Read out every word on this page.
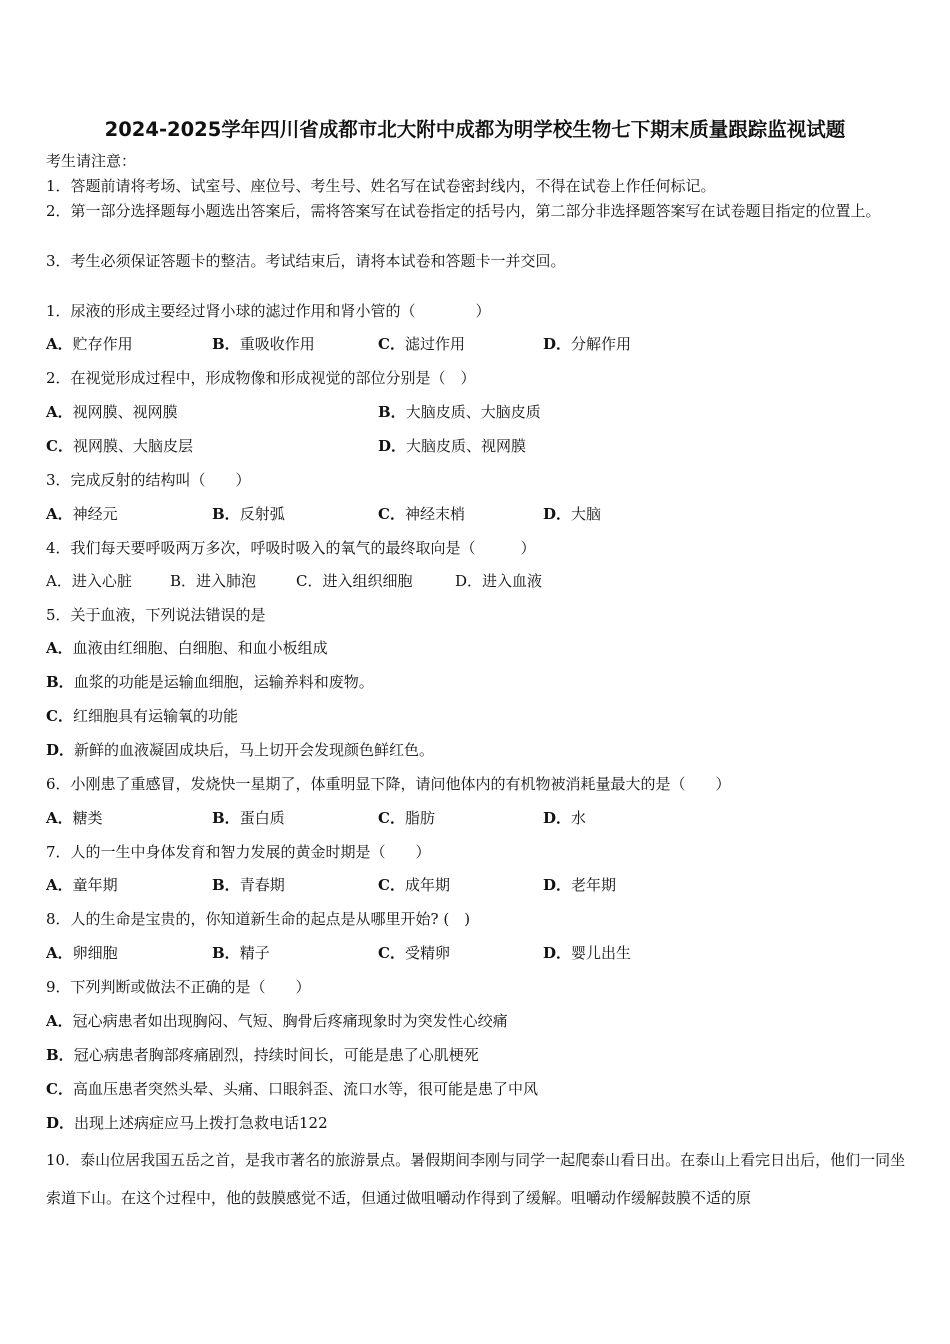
2024-2025学年四川省成都市北大附中成都为明学校生物七下期末质量跟踪监视试题
考生请注意：
1．答题前请将考场、试室号、座位号、考生号、姓名写在试卷密封线内，不得在试卷上作任何标记。
2．第一部分选择题每小题选出答案后，需将答案写在试卷指定的括号内，第二部分非选择题答案写在试卷题目指定的位置上。
3．考生必须保证答题卡的整洁。考试结束后，请将本试卷和答题卡一并交回。
1．尿液的形成主要经过肾小球的滤过作用和肾小管的（　　　　）
A．贮存作用	B．重吸收作用	C．滤过作用	D．分解作用
2．在视觉形成过程中，形成物像和形成视觉的部位分别是（　）
A．视网膜、视网膜	B．大脑皮质、大脑皮质
C．视网膜、大脑皮层	D．大脑皮质、视网膜
3．完成反射的结构叫（　　）
A．神经元	B．反射弧	C．神经末梢	D．大脑
4．我们每天要呼吸两万多次，呼吸时吸入的氧气的最终取向是（　　　）
A．进入心脏	B．进入肺泡	C．进入组织细胞	D．进入血液
5．关于血液，下列说法错误的是
A．血液由红细胞、白细胞、和血小板组成
B．血浆的功能是运输血细胞，运输养料和废物。
C．红细胞具有运输氧的功能
D．新鲜的血液凝固成块后，马上切开会发现颜色鲜红色。
6．小刚患了重感冒，发烧快一星期了，体重明显下降，请问他体内的有机物被消耗量最大的是（　　）
A．糖类	B．蛋白质	C．脂肪	D．水
7．人的一生中身体发育和智力发展的黄金时期是（　　）
A．童年期	B．青春期	C．成年期	D．老年期
8．人的生命是宝贵的，你知道新生命的起点是从哪里开始? (　)
A．卵细胞	B．精子	C．受精卵	D．婴儿出生
9．下列判断或做法不正确的是（　　）
A．冠心病患者如出现胸闷、气短、胸骨后疼痛现象时为突发性心绞痛
B．冠心病患者胸部疼痛剧烈，持续时间长，可能是患了心肌梗死
C．高血压患者突然头晕、头痛、口眼斜歪、流口水等，很可能是患了中风
D．出现上述病症应马上拨打急救电话122
10．泰山位居我国五岳之首，是我市著名的旅游景点。暑假期间李刚与同学一起爬泰山看日出。在泰山上看完日出后，他们一同坐索道下山。在这个过程中，他的鼓膜感觉不适，但通过做咀嚼动作得到了缓解。咀嚼动作缓解鼓膜不适的原
